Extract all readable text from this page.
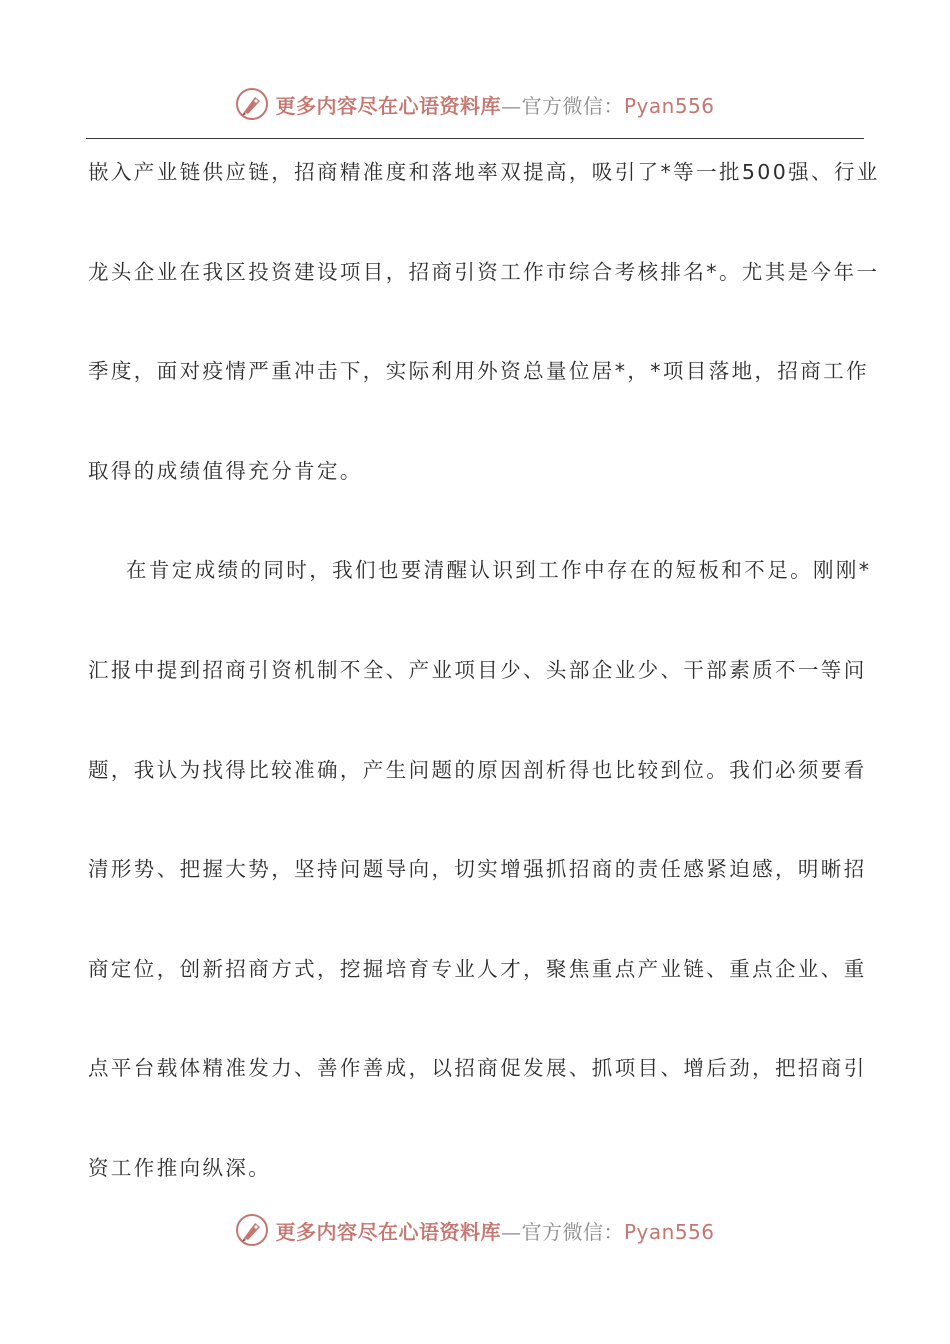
更多内容尽在心语资料库—官方微信：Pyan556
嵌入产业链供应链，招商精准度和落地率双提高，吸引了*等一批500强、行业
龙头企业在我区投资建设项目，招商引资工作市综合考核排名*。尤其是今年一
季度，面对疫情严重冲击下，实际利用外资总量位居*，*项目落地，招商工作
取得的成绩值得充分肯定。
在肯定成绩的同时，我们也要清醒认识到工作中存在的短板和不足。刚刚*
汇报中提到招商引资机制不全、产业项目少、头部企业少、干部素质不一等问
题，我认为找得比较准确，产生问题的原因剖析得也比较到位。我们必须要看
清形势、把握大势，坚持问题导向，切实增强抓招商的责任感紧迫感，明晰招
商定位，创新招商方式，挖掘培育专业人才，聚焦重点产业链、重点企业、重
点平台载体精准发力、善作善成，以招商促发展、抓项目、增后劲，把招商引
资工作推向纵深。
更多内容尽在心语资料库—官方微信：Pyan556
